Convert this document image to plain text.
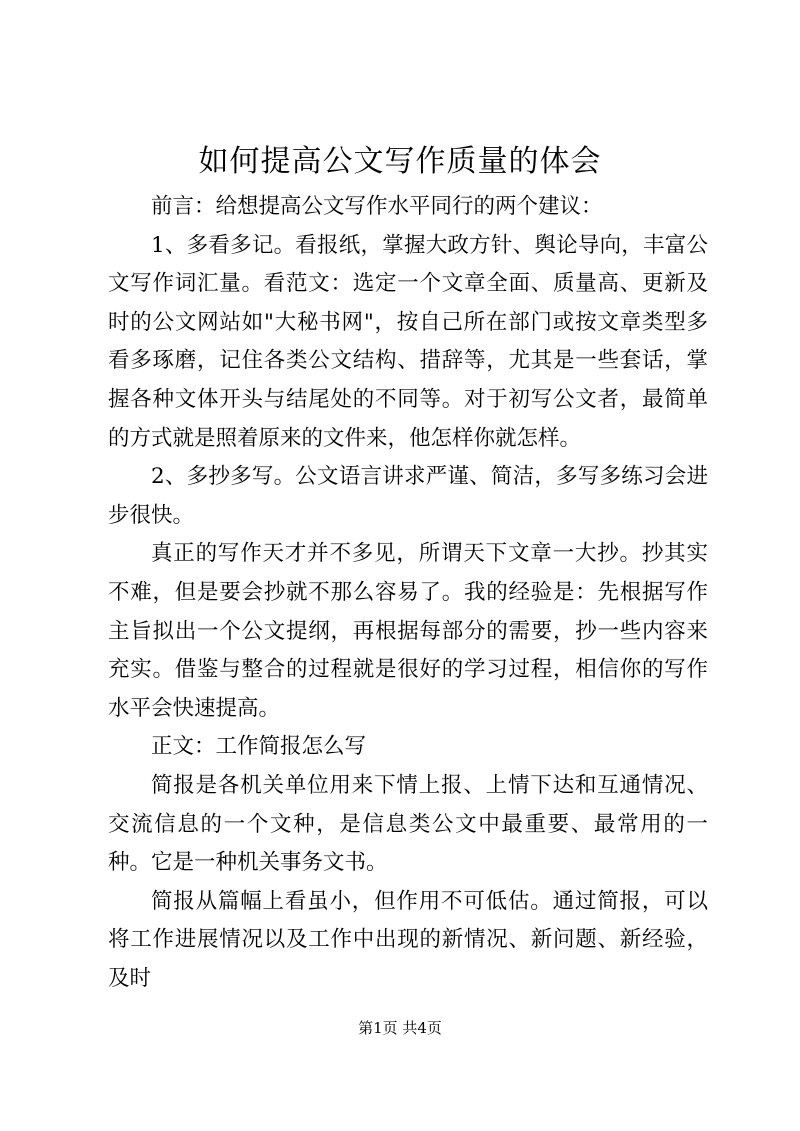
如何提高公文写作质量的体会

前言：给想提高公文写作水平同行的两个建议：

1、多看多记。看报纸，掌握大政方针、舆论导向，丰富公文写作词汇量。看范文：选定一个文章全面、质量高、更新及时的公文网站如"大秘书网"，按自己所在部门或按文章类型多看多琢磨，记住各类公文结构、措辞等，尤其是一些套话，掌握各种文体开头与结尾处的不同等。对于初写公文者，最简单的方式就是照着原来的文件来，他怎样你就怎样。

2、多抄多写。公文语言讲求严谨、简洁，多写多练习会进步很快。

真正的写作天才并不多见，所谓天下文章一大抄。抄其实不难，但是要会抄就不那么容易了。我的经验是：先根据写作主旨拟出一个公文提纲，再根据每部分的需要，抄一些内容来充实。借鉴与整合的过程就是很好的学习过程，相信你的写作水平会快速提高。

正文：工作简报怎么写

简报是各机关单位用来下情上报、上情下达和互通情况、交流信息的一个文种，是信息类公文中最重要、最常用的一种。它是一种机关事务文书。

简报从篇幅上看虽小，但作用不可低估。通过简报，可以将工作进展情况以及工作中出现的新情况、新问题、新经验，及时

第1页 共4页
